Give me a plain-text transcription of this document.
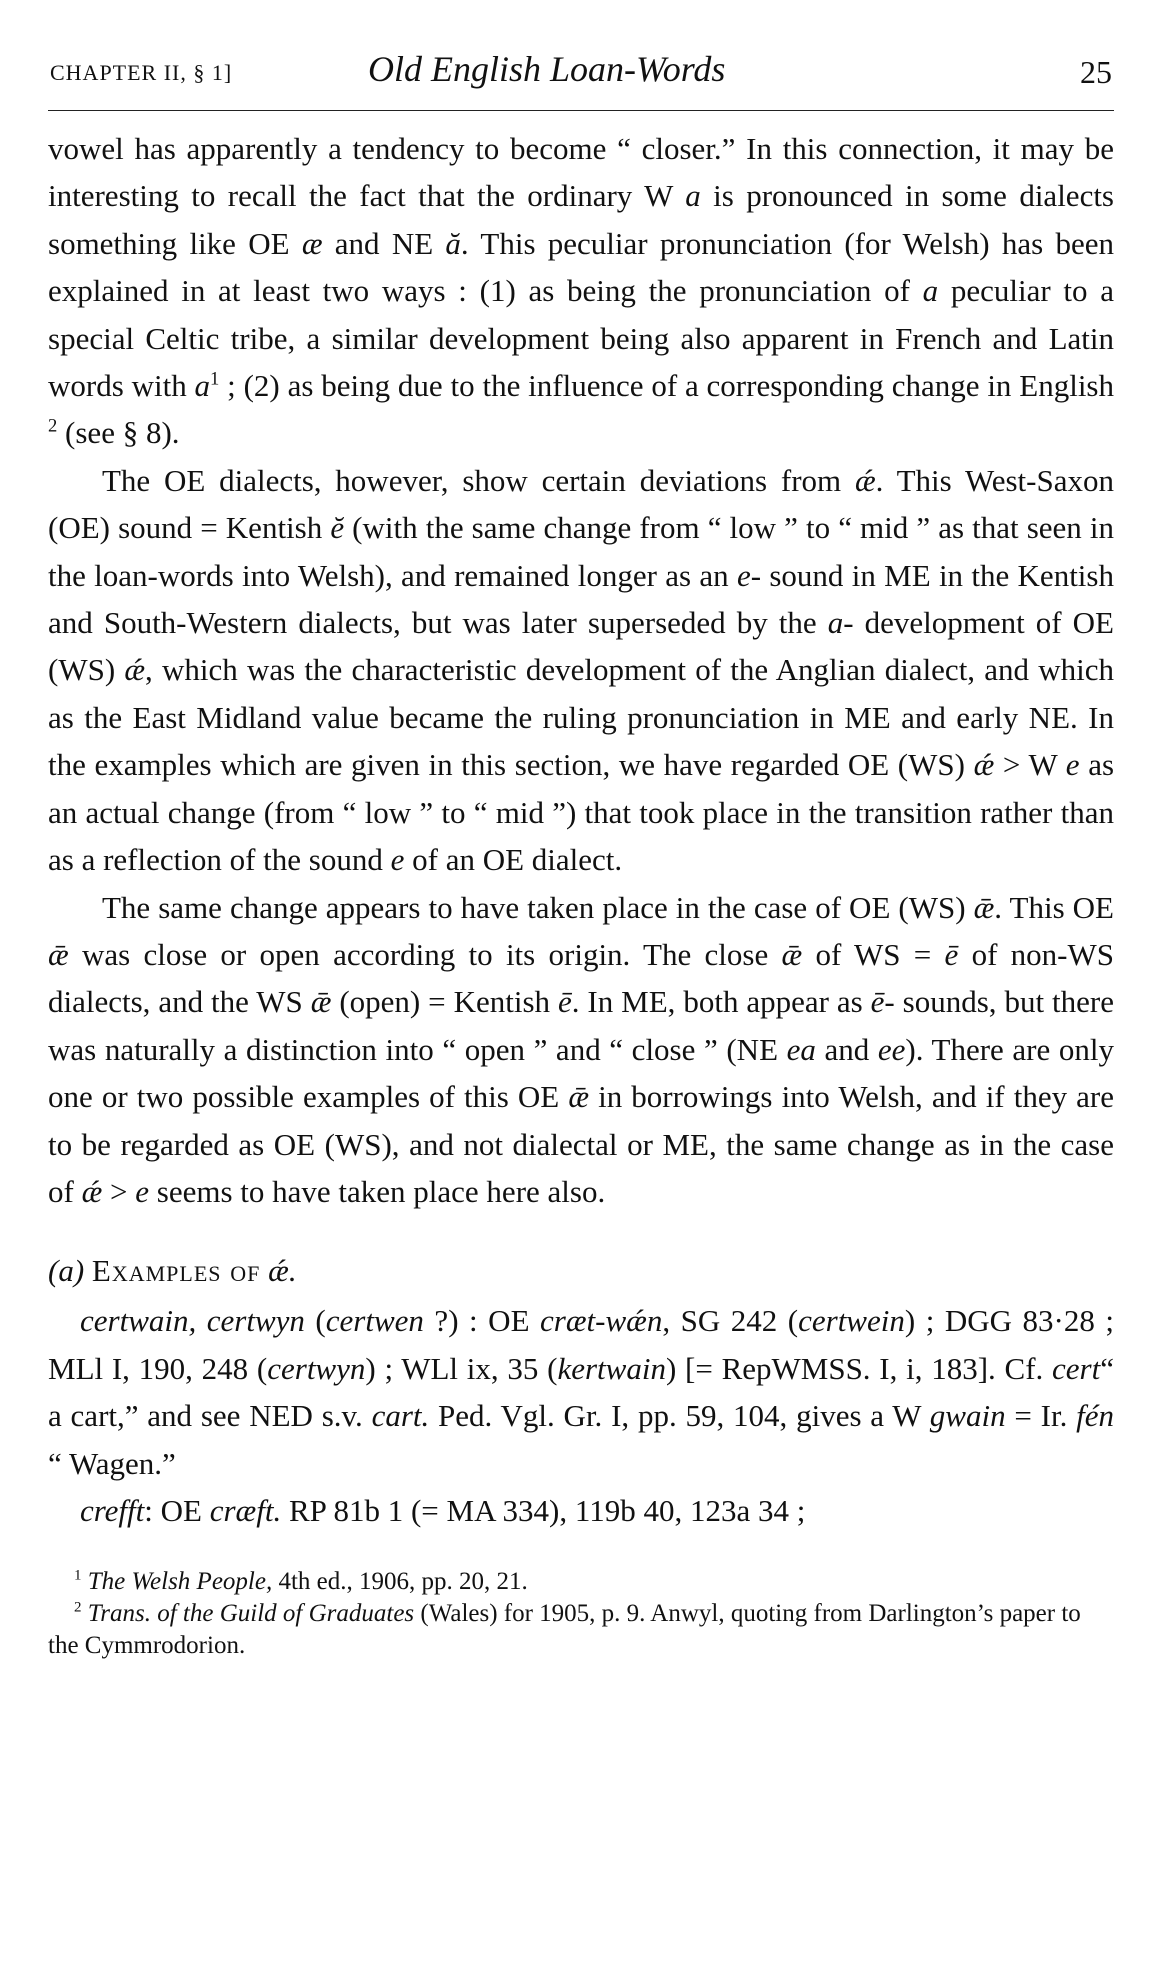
CHAPTER II, § 1]	Old English Loan-Words	25

vowel has apparently a tendency to become “ closer.” In this connection, it may be interesting to recall the fact that the ordinary W a is pronounced in some dialects something like OE æ and NE ă. This peculiar pronunciation (for Welsh) has been explained in at least two ways : (1) as being the pronunciation of a peculiar to a special Celtic tribe, a similar development being also apparent in French and Latin words with $a^1$ ; (2) as being due to the influence of a corresponding change in English $^2$ (see § 8).

The OE dialects, however, show certain deviations from ǽ. This West-Saxon (OE) sound = Kentish ĕ (with the same change from “ low ” to “ mid ” as that seen in the loan-words into Welsh), and remained longer as an e- sound in ME in the Kentish and South-Western dialects, but was later superseded by the a- development of OE (WS) ǽ, which was the characteristic development of the Anglian dialect, and which as the East Midland value became the ruling pronunciation in ME and early NE. In the examples which are given in this section, we have regarded OE (WS) ǽ > W e as an actual change (from “ low ” to “ mid ”) that took place in the transition rather than as a reflection of the sound e of an OE dialect.

The same change appears to have taken place in the case of OE (WS) ǣ. This OE ǣ was close or open according to its origin. The close ǣ of WS = ē of non-WS dialects, and the WS ǣ (open) = Kentish ē. In ME, both appear as ē- sounds, but there was naturally a distinction into “ open ” and “ close ” (NE ea and ee). There are only one or two possible examples of this OE ǣ in borrowings into Welsh, and if they are to be regarded as OE (WS), and not dialectal or ME, the same change as in the case of ǽ > e seems to have taken place here also.

(a) Examples of ǽ.

certwain, certwyn (certwen ?) : OE cræt-wǽn, SG 242 (certwein) ; DGG 83·28 ; MLl I, 190, 248 (certwyn) ; WLl ix, 35 (kertwain) [= RepWMSS. I, i, 183]. Cf. cert“ a cart,” and see NED s.v. cart. Ped. Vgl. Gr. I, pp. 59, 104, gives a W gwain = Ir. fén “ Wagen.”

crefft: OE cræft. RP 81b 1 (= MA 334), 119b 40, 123a 34 ;

$^1$ The Welsh People, 4th ed., 1906, pp. 20, 21.

$^2$ Trans. of the Guild of Graduates (Wales) for 1905, p. 9. Anwyl, quoting from Darlington’s paper to the Cymmrodorion.
